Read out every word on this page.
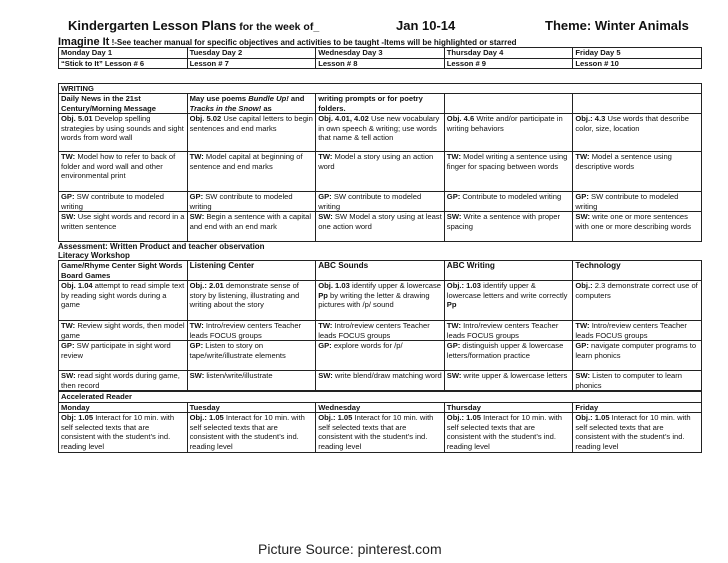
Kindergarten Lesson Plans for the week of_	Jan 10-14	Theme: Winter Animals
Imagine It !-See teacher manual for specific objectives and activities to be taught -Items will be highlighted or starred
Monday Day 1	Tuesday Day 2	Wednesday Day 3	Thursday Day 4	Friday Day 5
“Stick to It” Lesson # 6	Lesson # 7	Lesson # 8	Lesson # 9	Lesson # 10
WRITING				
Daily News in the 21st Century/Morning Message	May use poems Bundle Up! and Tracks in the Snow! as	writing prompts or for poetry folders.		
Obj. 5.01 Develop spelling strategies by using sounds and sight words from word wall	Obj. 5.02 Use capital letters to begin sentences and end marks	Obj. 4.01, 4.02 Use new vocabulary in own speech & writing; use words that name & tell action	Obj. 4.6 Write and/or participate in writing behaviors	Obj.: 4.3 Use words that describe color, size, location
TW: Model how to refer to back of folder and word wall and other environmental print	TW: Model capital at beginning of sentence and end marks	TW: Model a story using an action word	TW: Model writing a sentence using finger for spacing between words	TW: Model a sentence using descriptive words
GP: SW contribute to modeled writing	GP: SW contribute to modeled writing	GP: SW contribute to modeled writing	GP: Contribute to modeled writing	GP: SW contribute to modeled writing
SW: Use sight words and record in a written sentence	SW: Begin a sentence with a capital and end with an end mark	SW: SW Model a story using at least one action word	SW: Write a sentence with proper spacing	SW: write one or more sentences with one or more describing words
Assessment: Written Product and teacher observation
Literacy Workshop
Game/Rhyme Center Sight Words Board Games	Listening Center	ABC Sounds	ABC Writing	Technology
Obj. 1.04 attempt to read simple text by reading sight words during a game	Obj.: 2.01 demonstrate sense of story by listening, illustrating and writing about the story	Obj. 1.03 identify upper & lowercase Pp by writing the letter & drawing pictures with /p/ sound	Obj.: 1.03 identify upper & lowercase letters and write correctly Pp	Obj.: 2.3 demonstrate correct use of computers
TW: Review sight words, then model game	TW: Intro/review centers Teacher leads FOCUS groups	TW: Intro/review centers Teacher leads FOCUS groups	TW: Intro/review centers Teacher leads FOCUS groups	TW: Intro/review centers Teacher leads FOCUS groups
GP: SW participate in sight word review	GP: Listen to story on tape/write/illustrate elements	GP: explore words for /p/	GP: distinguish upper & lowercase letters/formation practice	GP: navigate computer programs to learn phonics
SW: read sight words during game, then record	SW: listen/write/illustrate	SW: write blend/draw matching word	SW: write upper & lowercase letters	SW: Listen to computer to learn phonics
Accelerated Reader				
Monday	Tuesday	Wednesday	Thursday	Friday
Obj: 1.05 Interact for 10 min. with self selected texts that are consistent with the student’s ind. reading level	Obj.: 1.05 Interact for 10 min. with self selected texts that are consistent with the student’s ind. reading level	Obj.: 1.05 Interact for 10 min. with self selected texts that are consistent with the student’s ind. reading level	Obj.: 1.05 Interact for 10 min. with self selected texts that are consistent with the student’s ind. reading level	Obj.: 1.05 Interact for 10 min. with self selected texts that are consistent with the student’s ind. reading level
Picture Source: pinterest.com
